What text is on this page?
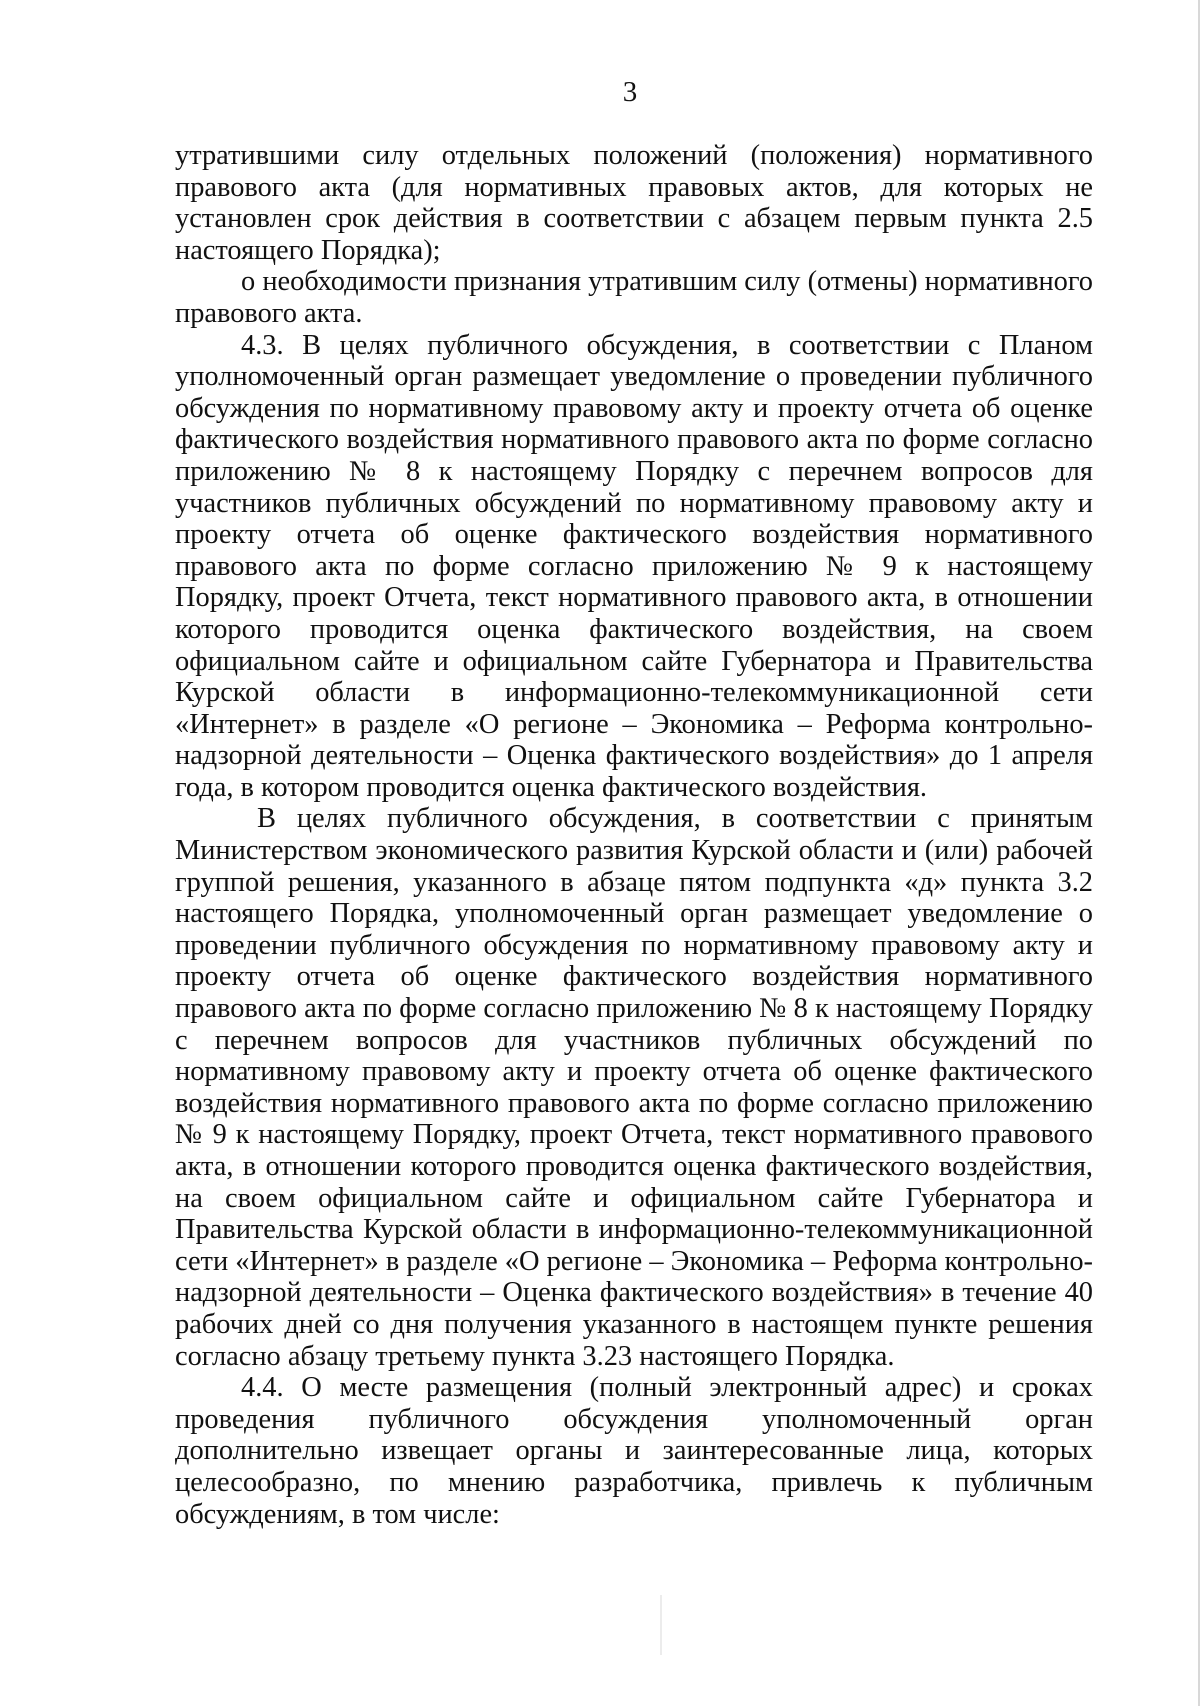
3

утратившими силу отдельных положений (положения) нормативного правового акта (для нормативных правовых актов, для которых не установлен срок действия в соответствии с абзацем первым пункта 2.5 настоящего Порядка);

о необходимости признания утратившим силу (отмены) нормативного правового акта.

4.3. В целях публичного обсуждения, в соответствии с Планом уполномоченный орган размещает уведомление о проведении публичного обсуждения по нормативному правовому акту и проекту отчета об оценке фактического воздействия нормативного правового акта по форме согласно приложению № 8 к настоящему Порядку с перечнем вопросов для участников публичных обсуждений по нормативному правовому акту и проекту отчета об оценке фактического воздействия нормативного правового акта по форме согласно приложению № 9 к настоящему Порядку, проект Отчета, текст нормативного правового акта, в отношении которого проводится оценка фактического воздействия, на своем официальном сайте и официальном сайте Губернатора и Правительства Курской области в информационно-телекоммуникационной сети «Интернет» в разделе «О регионе – Экономика – Реформа контрольно-надзорной деятельности – Оценка фактического воздействия» до 1 апреля года, в котором проводится оценка фактического воздействия.

В целях публичного обсуждения, в соответствии с принятым Министерством экономического развития Курской области и (или) рабочей группой решения, указанного в абзаце пятом подпункта «д» пункта 3.2 настоящего Порядка, уполномоченный орган размещает уведомление о проведении публичного обсуждения по нормативному правовому акту и проекту отчета об оценке фактического воздействия нормативного правового акта по форме согласно приложению № 8 к настоящему Порядку с перечнем вопросов для участников публичных обсуждений по нормативному правовому акту и проекту отчета об оценке фактического воздействия нормативного правового акта по форме согласно приложению № 9 к настоящему Порядку, проект Отчета, текст нормативного правового акта, в отношении которого проводится оценка фактического воздействия, на своем официальном сайте и официальном сайте Губернатора и Правительства Курской области в информационно-телекоммуникационной сети «Интернет» в разделе «О регионе – Экономика – Реформа контрольно-надзорной деятельности – Оценка фактического воздействия» в течение 40 рабочих дней со дня получения указанного в настоящем пункте решения согласно абзацу третьему пункта 3.23 настоящего Порядка.

4.4. О месте размещения (полный электронный адрес) и сроках проведения публичного обсуждения уполномоченный орган дополнительно извещает органы и заинтересованные лица, которых целесообразно, по мнению разработчика, привлечь к публичным обсуждениям, в том числе:
